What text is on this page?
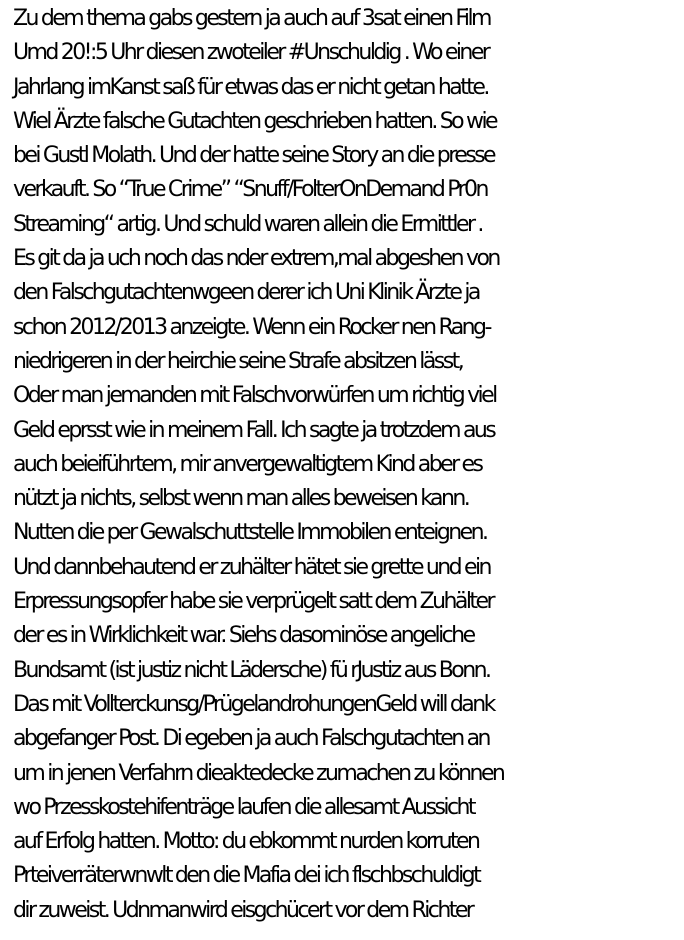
Zu dem thema gabs gestern ja auch auf 3sat einen Film
Umd 20!:5 Uhr diesen zwoteiler #Unschuldig . Wo einer
Jahrlang imKanst saß für etwas das er nicht getan hatte.
Wiel Ärzte falsche Gutachten geschrieben hatten. So wie
bei Gustl Molath. Und der hatte seine Story an die presse
verkauft. So “True Crime” “Snuff/FolterOnDemand Pr0n
Streaming“ artig. Und schuld waren allein die Ermittler .
Es git da ja uch noch das nder extrem,mal abgeshen von
den Falschgutachtenwgeen derer ich Uni Klinik Ärzte ja
schon 2012/2013 anzeigte. Wenn ein Rocker nen Rang-
niedrigeren in der heirchie seine Strafe absitzen lässt,
Oder man jemanden mit Falschvorwürfen um richtig viel
Geld eprsst wie in meinem Fall. Ich sagte ja trotzdem aus
auch beieiführtem, mir anvergewaltigtem Kind aber es
nützt ja nichts, selbst wenn man alles beweisen kann.
Nutten die per Gewalschuttstelle Immobilen enteignen.
Und dannbehautend er zuhälter hätet sie grette und ein
Erpressungsopfer habe sie verprügelt satt dem Zuhälter
der es in Wirklichkeit war. Siehs dasominöse angeliche
Bundsamt (ist justiz nicht Lädersche) fü rJustiz aus Bonn.
Das mit Vollterckunsg/PrügelandrohungenGeld will dank
abgefanger Post. Di egeben ja auch Falschgutachten an
um in jenen Verfahrn dieaktedecke zumachen zu können
wo Przesskostehifenträge laufen die allesamt Aussicht
auf Erfolg hatten. Motto: du ebkommt nurden korruten
Prteiverräterwnwlt den die Mafia dei ich flschbschuldigt
dir zuweist. Udnmanwird eisgchücert vor dem Richter
